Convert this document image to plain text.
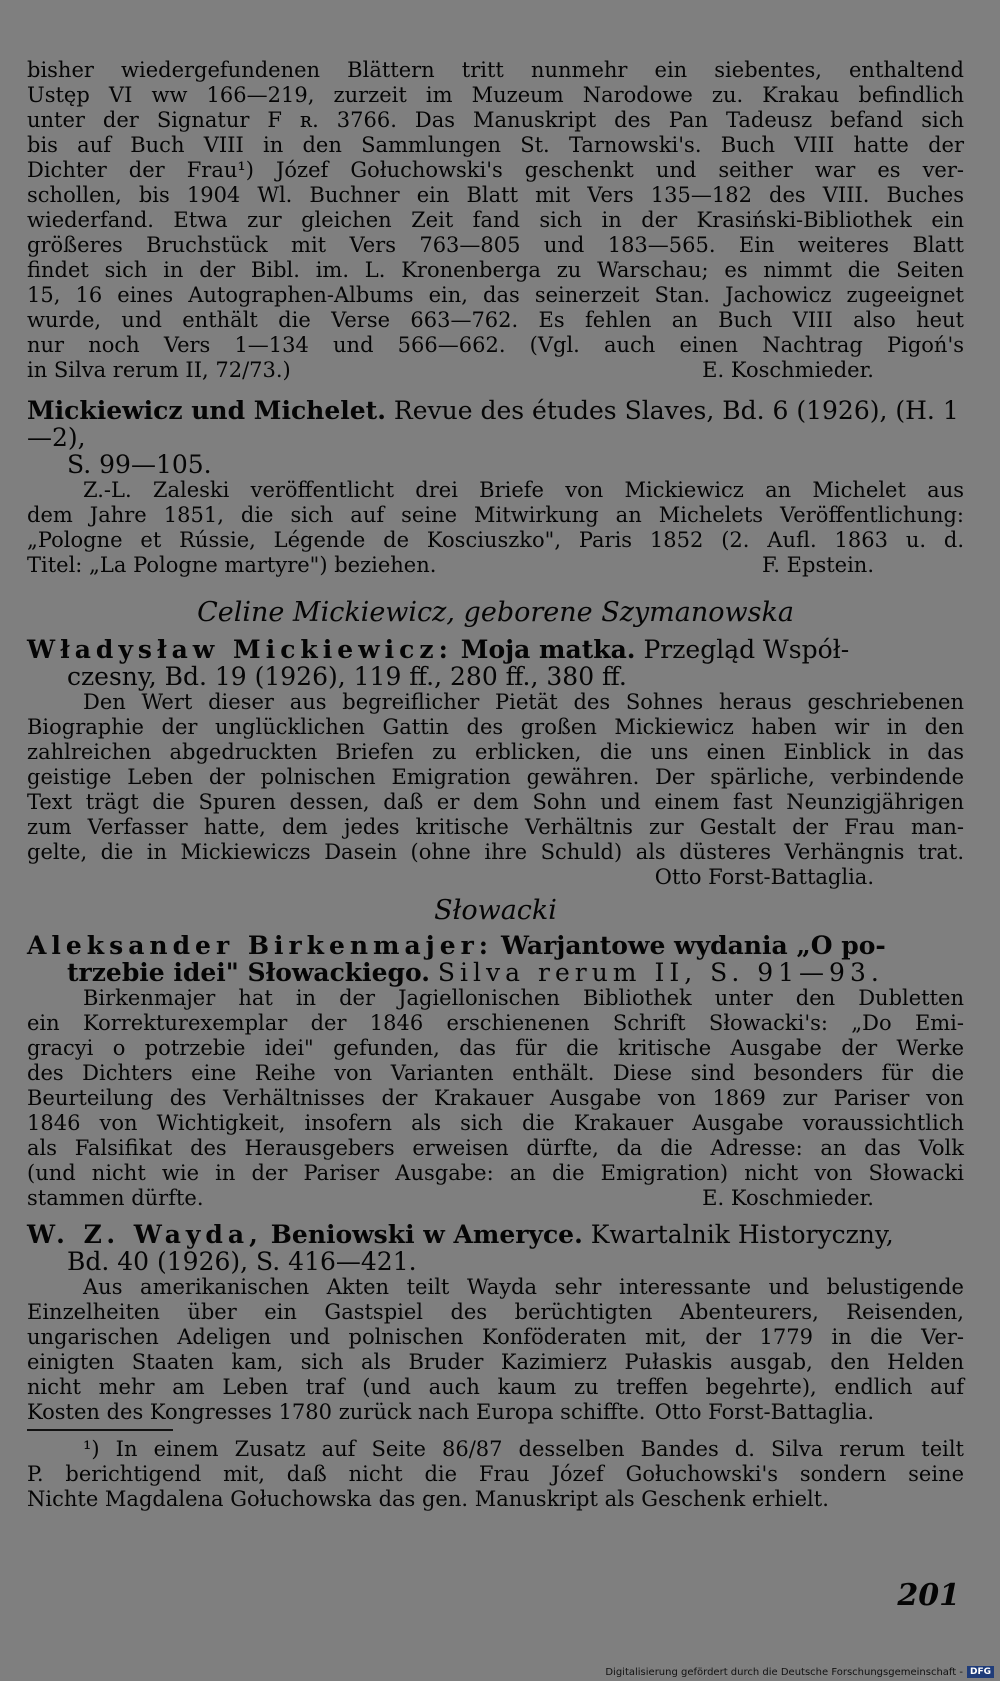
bisher wiedergefundenen Blättern tritt nunmehr ein siebentes, enthaltend
Ustęp VI ww 166—219, zurzeit im Muzeum Narodowe zu. Krakau befindlich
unter der Signatur F ʀ. 3766. Das Manuskript des Pan Tadeusz befand sich
bis auf Buch VIII in den Sammlungen St. Tarnowski's. Buch VIII hatte der
Dichter der Frau¹) Józef Gołuchowski's geschenkt und seither war es ver-
schollen, bis 1904 Wl. Buchner ein Blatt mit Vers 135—182 des VIII. Buches
wiederfand. Etwa zur gleichen Zeit fand sich in der Krasiński-Bibliothek ein
größeres Bruchstück mit Vers 763—805 und 183—565. Ein weiteres Blatt
findet sich in der Bibl. im. L. Kronenberga zu Warschau; es nimmt die Seiten
15, 16 eines Autographen-Albums ein, das seinerzeit Stan. Jachowicz zugeeignet
wurde, und enthält die Verse 663—762. Es fehlen an Buch VIII also heut
nur noch Vers 1—134 und 566—662. (Vgl. auch einen Nachtrag Pigoń's
in Silva rerum II, 72/73.)	E. Koschmieder.

Mickiewicz und Michelet. Revue des études Slaves, Bd. 6 (1926), (H. 1—2),
S. 99—105.

Z.-L. Zaleski veröffentlicht drei Briefe von Mickiewicz an Michelet aus
dem Jahre 1851, die sich auf seine Mitwirkung an Michelets Veröffentlichung:
„Pologne et Rússie, Légende de Kosciuszko", Paris 1852 (2. Aufl. 1863 u. d.
Titel: „La Pologne martyre") beziehen.	F. Epstein.

Celine Mickiewicz, geborene Szymanowska

Władysław Mickiewicz: Moja matka. Przegląd Współ-
czesny, Bd. 19 (1926), 119 ff., 280 ff., 380 ff.

Den Wert dieser aus begreiflicher Pietät des Sohnes heraus geschriebenen
Biographie der unglücklichen Gattin des großen Mickiewicz haben wir in den
zahlreichen abgedruckten Briefen zu erblicken, die uns einen Einblick in das
geistige Leben der polnischen Emigration gewähren. Der spärliche, verbindende
Text trägt die Spuren dessen, daß er dem Sohn und einem fast Neunzigjährigen
zum Verfasser hatte, dem jedes kritische Verhältnis zur Gestalt der Frau man-
gelte, die in Mickiewiczs Dasein (ohne ihre Schuld) als düsteres Verhängnis trat.
Otto Forst-Battaglia.

Słowacki

Aleksander Birkenmajer: Warjantowe wydania „O po-
trzebie idei" Słowackiego. Silva rerum II, S. 91—93.

Birkenmajer hat in der Jagiellonischen Bibliothek unter den Dubletten
ein Korrekturexemplar der 1846 erschienenen Schrift Słowacki's: „Do Emi-
gracyi o potrzebie idei" gefunden, das für die kritische Ausgabe der Werke
des Dichters eine Reihe von Varianten enthält. Diese sind besonders für die
Beurteilung des Verhältnisses der Krakauer Ausgabe von 1869 zur Pariser von
1846 von Wichtigkeit, insofern als sich die Krakauer Ausgabe voraussichtlich
als Falsifikat des Herausgebers erweisen dürfte, da die Adresse: an das Volk
(und nicht wie in der Pariser Ausgabe: an die Emigration) nicht von Słowacki
stammen dürfte.	E. Koschmieder.

W. Z. Wayda, Beniowski w Ameryce. Kwartalnik Historyczny,
Bd. 40 (1926), S. 416—421.

Aus amerikanischen Akten teilt Wayda sehr interessante und belustigende
Einzelheiten über ein Gastspiel des berüchtigten Abenteurers, Reisenden,
ungarischen Adeligen und polnischen Konföderaten mit, der 1779 in die Ver-
einigten Staaten kam, sich als Bruder Kazimierz Pułaskis ausgab, den Helden
nicht mehr am Leben traf (und auch kaum zu treffen begehrte), endlich auf
Kosten des Kongresses 1780 zurück nach Europa schiffte. Otto Forst-Battaglia.
¹) In einem Zusatz auf Seite 86/87 desselben Bandes d. Silva rerum teilt
P. berichtigend mit, daß nicht die Frau Józef Gołuchowski's sondern seine
Nichte Magdalena Gołuchowska das gen. Manuskript als Geschenk erhielt.
201
Digitalisierung gefördert durch die Deutsche Forschungsgemeinschaft - DFG
